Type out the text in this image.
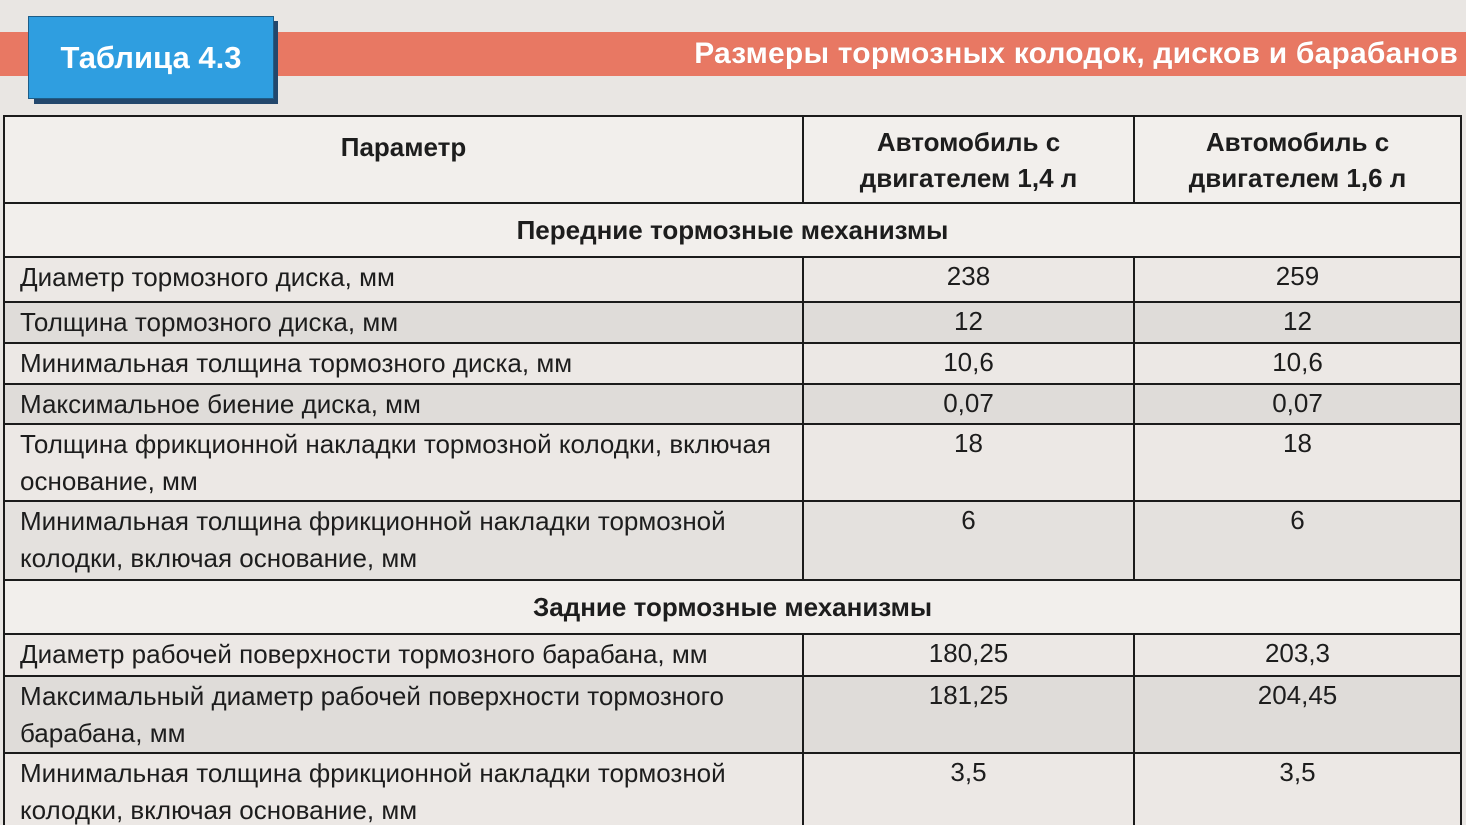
Размеры тормозных колодок, дисков и барабанов
Таблица 4.3
Параметр	Автомобиль с двигателем 1,4 л	Автомобиль с двигателем 1,6 л
Передние тормозные механизмы		
Диаметр тормозного диска, мм	238	259
Толщина тормозного диска, мм	12	12
Минимальная толщина тормозного диска, мм	10,6	10,6
Максимальное биение диска, мм	0,07	0,07
Толщина фрикционной накладки тормозной колодки, включая основание, мм	18	18
Минимальная толщина фрикционной накладки тормозной колодки, включая основание, мм	6	6
Задние тормозные механизмы		
Диаметр рабочей поверхности тормозного барабана, мм	180,25	203,3
Максимальный диаметр рабочей поверхности тормозного барабана, мм	181,25	204,45
Минимальная толщина фрикционной накладки тормозной колодки, включая основание, мм	3,5	3,5
